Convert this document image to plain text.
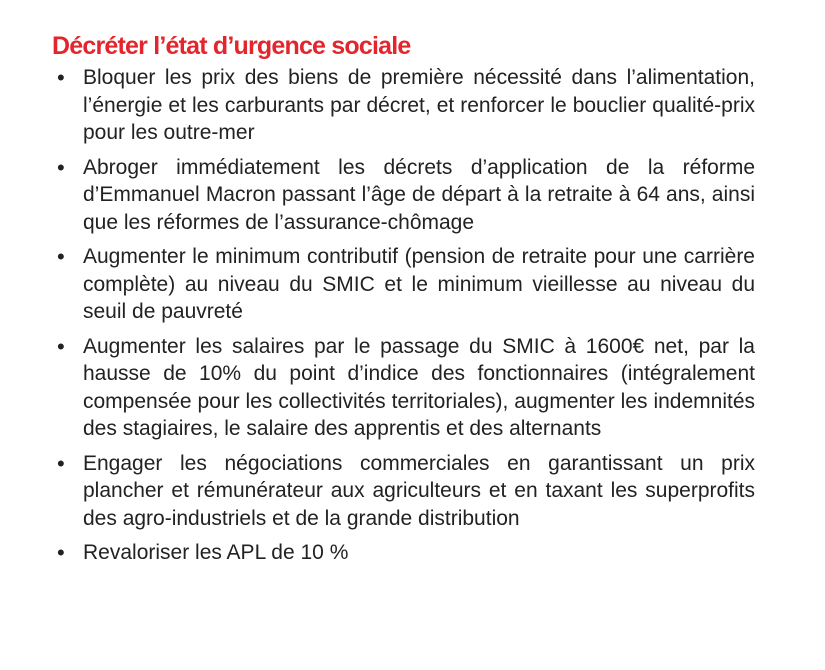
Décréter l’état d’urgence sociale
• Bloquer les prix des biens de première nécessité dans l’alimentation, l’énergie et les carburants par décret, et renforcer le bouclier qualité-prix pour les outre-mer
• Abroger immédiatement les décrets d’application de la réforme d’Emmanuel Macron passant l’âge de départ à la retraite à 64 ans, ainsi que les réformes de l’assurance-chômage
• Augmenter le minimum contributif (pension de retraite pour une carrière complète) au niveau du SMIC et le minimum vieillesse au niveau du seuil de pauvreté
• Augmenter les salaires par le passage du SMIC à 1600€ net, par la hausse de 10% du point d’indice des fonctionnaires (intégralement compensée pour les collectivités territoriales), augmenter les indemnités des stagiaires, le salaire des apprentis et des alternants
• Engager les négociations commerciales en garantissant un prix plancher et rémunérateur aux agriculteurs et en taxant les superprofits des agro-industriels et de la grande distribution
• Revaloriser les APL de 10 %
